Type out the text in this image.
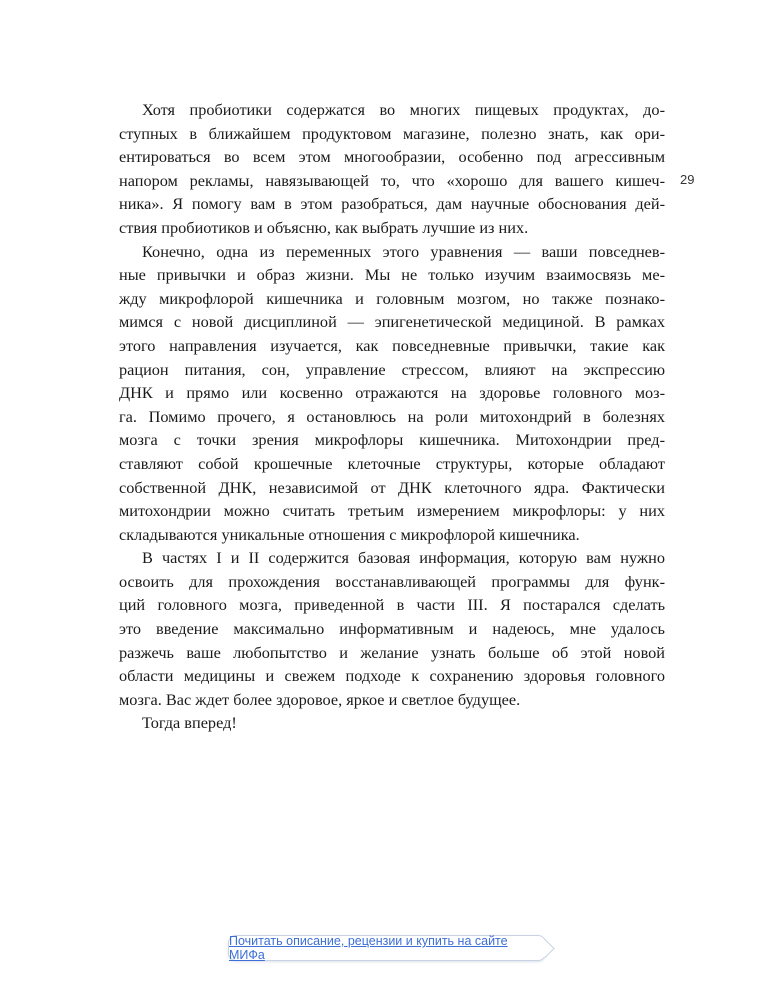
29
Хотя пробиотики содержатся во многих пищевых продуктах, до-
ступных в ближайшем продуктовом магазине, полезно знать, как ори-
ентироваться во всем этом многообразии, особенно под агрессивным
напором рекламы, навязывающей то, что «хорошо для вашего кишеч-
ника». Я помогу вам в этом разобраться, дам научные обоснования дей-
ствия пробиотиков и объясню, как выбрать лучшие из них.
Конечно, одна из переменных этого уравнения — ваши повседнев-
ные привычки и образ жизни. Мы не только изучим взаимосвязь ме-
жду микрофлорой кишечника и головным мозгом, но также познако-
мимся с новой дисциплиной — эпигенетической медициной. В рамках
этого направления изучается, как повседневные привычки, такие как
рацион питания, сон, управление стрессом, влияют на экспрессию
ДНК и прямо или косвенно отражаются на здоровье головного моз-
га. Помимо прочего, я остановлюсь на роли митохондрий в болезнях
мозга с точки зрения микрофлоры кишечника. Митохондрии пред-
ставляют собой крошечные клеточные структуры, которые обладают
собственной ДНК, независимой от ДНК клеточного ядра. Фактически
митохондрии можно считать третьим измерением микрофлоры: у них
складываются уникальные отношения с микрофлорой кишечника.
В частях I и II содержится базовая информация, которую вам нужно
освоить для прохождения восстанавливающей программы для функ-
ций головного мозга, приведенной в части III. Я постарался сделать
это введение максимально информативным и надеюсь, мне удалось
разжечь ваше любопытство и желание узнать больше об этой новой
области медицины и свежем подходе к сохранению здоровья головного
мозга. Вас ждет более здоровое, яркое и светлое будущее.
Тогда вперед!
Почитать описание, рецензии и купить на сайте МИФа
